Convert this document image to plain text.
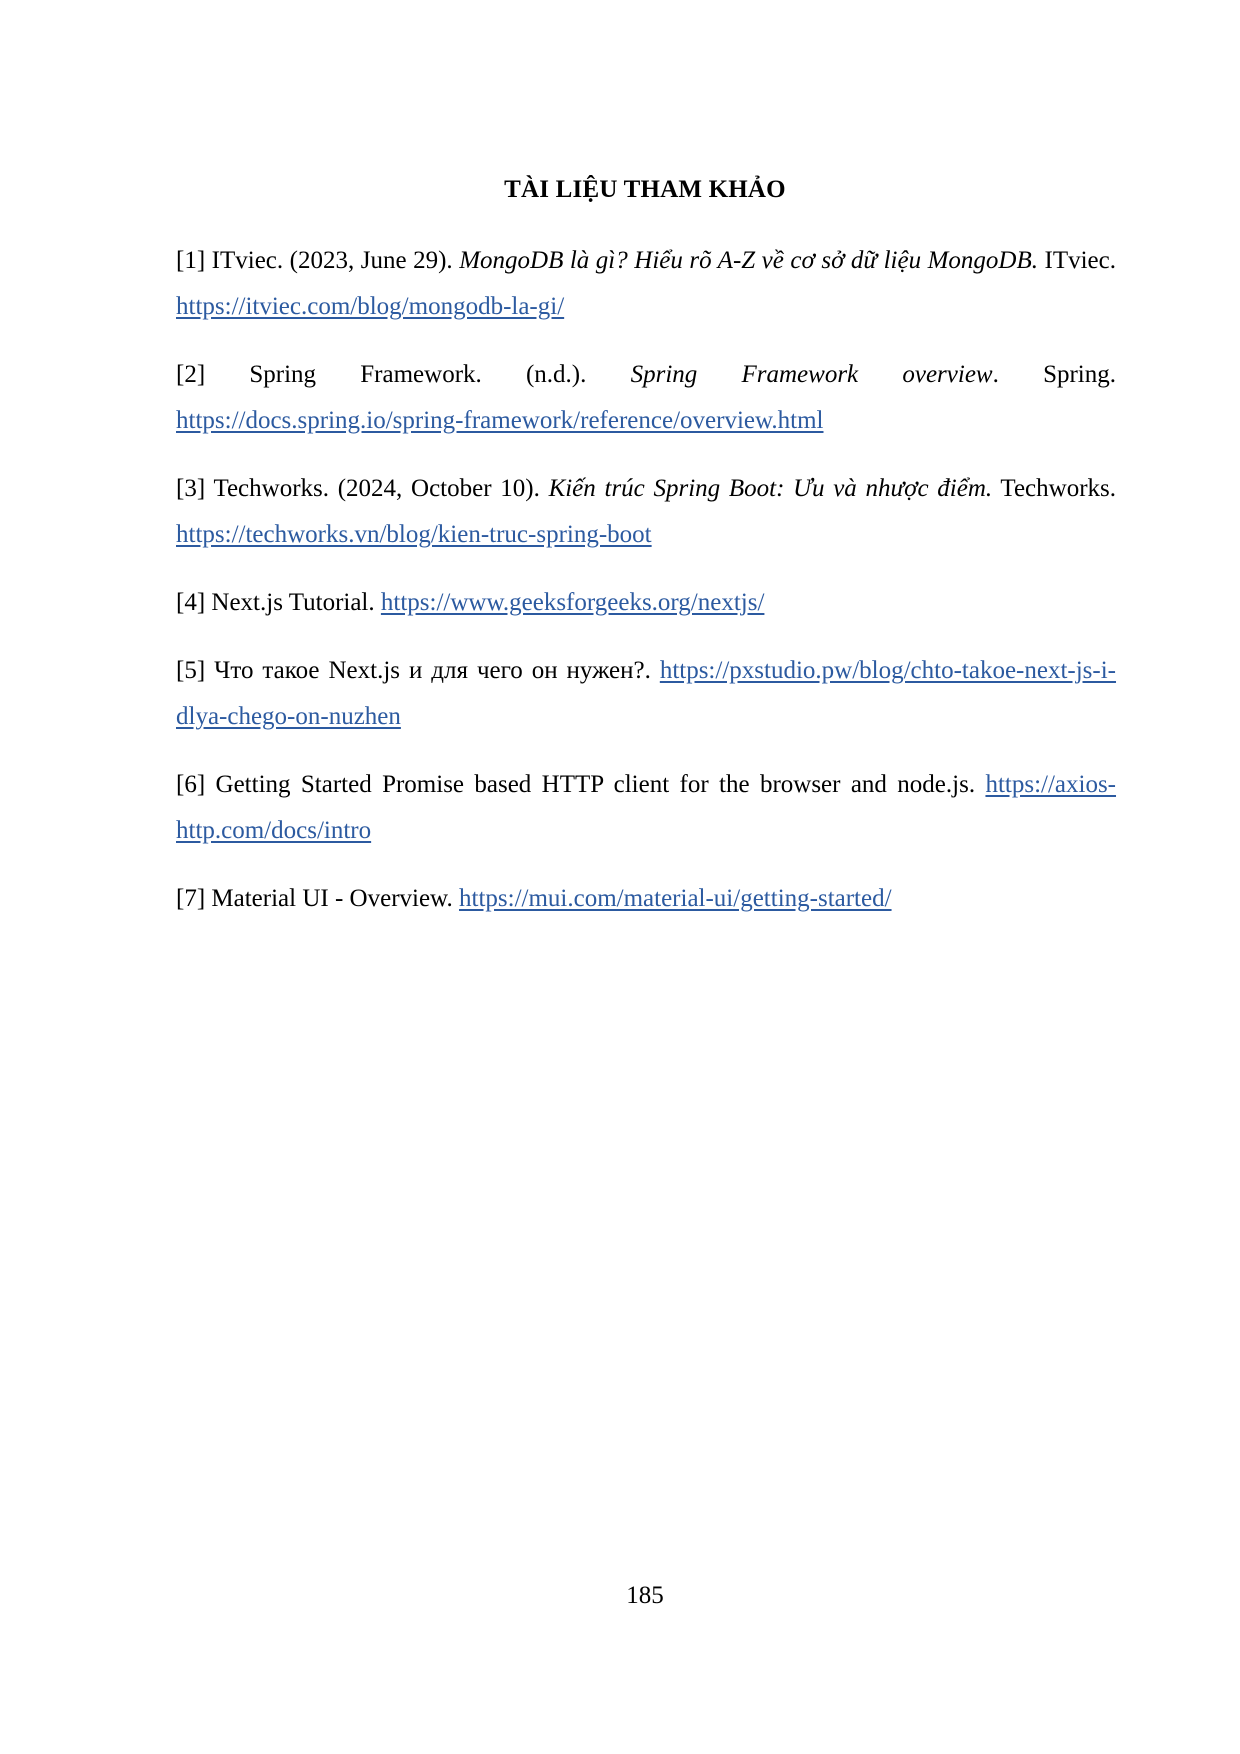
TÀI LIỆU THAM KHẢO

[1] ITviec. (2023, June 29). MongoDB là gì? Hiểu rõ A-Z về cơ sở dữ liệu MongoDB. ITviec. https://itviec.com/blog/mongodb-la-gi/

[2] Spring Framework. (n.d.). Spring Framework overview. Spring. https://docs.spring.io/spring-framework/reference/overview.html

[3] Techworks. (2024, October 10). Kiến trúc Spring Boot: Ưu và nhược điểm. Techworks. https://techworks.vn/blog/kien-truc-spring-boot

[4] Next.js Tutorial. https://www.geeksforgeeks.org/nextjs/

[5] Что такое Next.js и для чего он нужен?. https://pxstudio.pw/blog/chto-takoe-next-js-i-dlya-chego-on-nuzhen

[6] Getting Started Promise based HTTP client for the browser and node.js. https://axios-http.com/docs/intro

[7] Material UI - Overview. https://mui.com/material-ui/getting-started/

185
